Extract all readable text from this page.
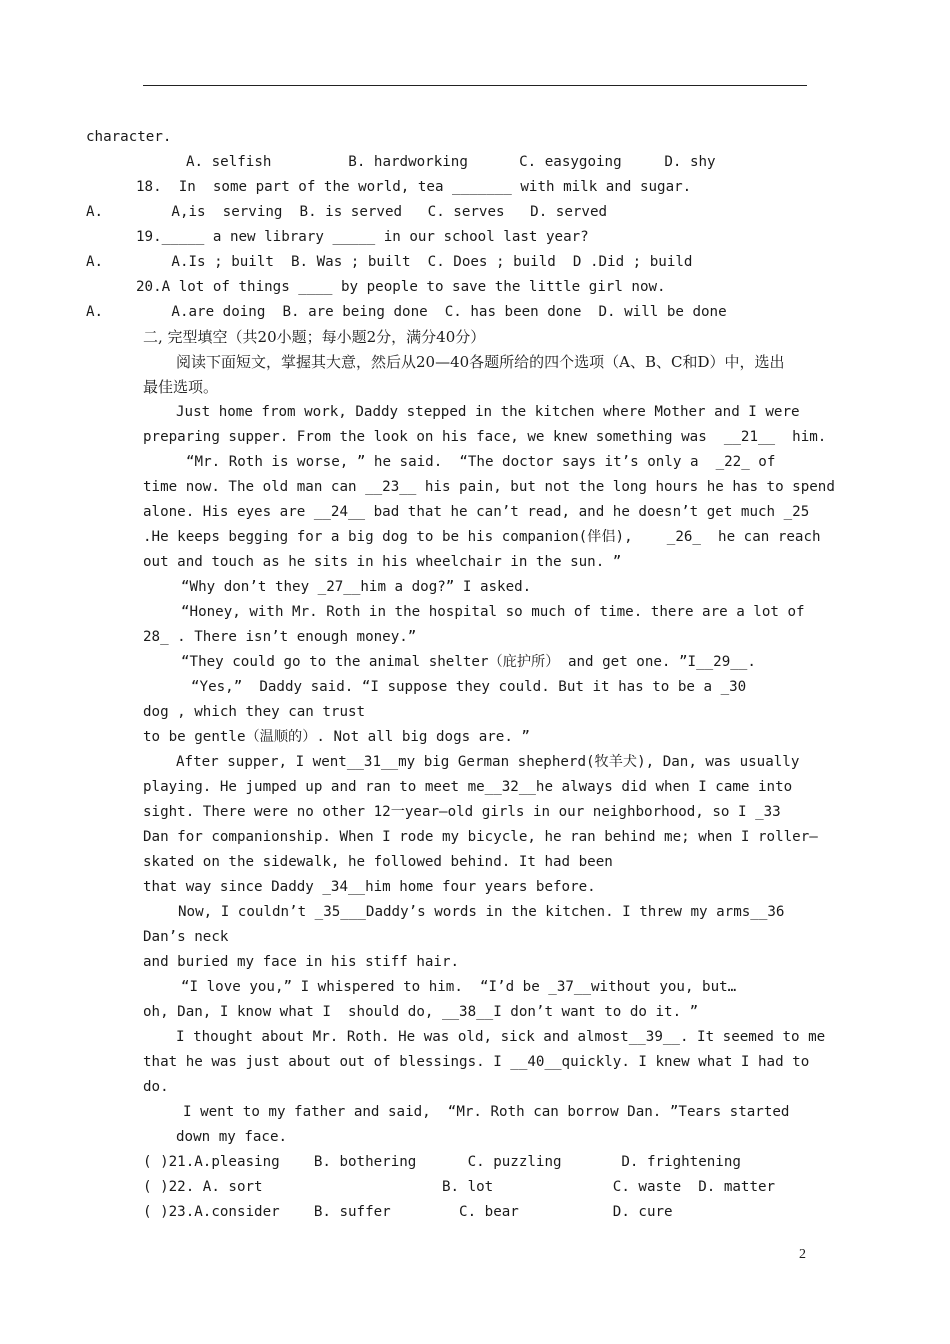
character.
A. selfish         B. hardworking      C. easygoing     D. shy
18.  In  some part of the world, tea _______ with milk and sugar.
A.        A,is  serving  B. is served   C. serves   D. served
19._____ a new library _____ in our school last year?
A.        A.Is ; built  B. Was ; built  C. Does ; build  D .Did ; build
20.A lot of things ____ by people to save the little girl now.
A.        A.are doing  B. are being done  C. has been done  D. will be done
二, 完型填空（共20小题；每小题2分，满分40分）
阅读下面短文，掌握其大意，然后从20—40各题所给的四个选项（A、B、C和D）中，选出
最佳选项。
Just home from work, Daddy stepped in the kitchen where Mother and I were
preparing supper. From the look on his face, we knew something was  __21__  him.
“Mr. Roth is worse, ” he said.  “The doctor says it’s only a  _22_ of
time now. The old man can __23__ his pain, but not the long hours he has to spend
alone. His eyes are __24__ bad that he can’t read, and he doesn’t get much _25
.He keeps begging for a big dog to be his companion(伴侣),    _26_  he can reach
out and touch as he sits in his wheelchair in the sun. ”
“Why don’t they _27__him a dog?” I asked.
“Honey, with Mr. Roth in the hospital so much of time. there are a lot of
28_ . There isn’t enough money.”
“They could go to the animal shelter（庇护所） and get one. ”I__29__.
“Yes,”  Daddy said. “I suppose they could. But it has to be a _30
dog , which they can trust
to be gentle（温顺的）. Not all big dogs are. ”
After supper, I went__31__my big German shepherd(牧羊犬), Dan, was usually
playing. He jumped up and ran to meet me__32__he always did when I came into
sight. There were no other 12一year—old girls in our neighborhood, so I _33
Dan for companionship. When I rode my bicycle, he ran behind me; when I roller—
skated on the sidewalk, he followed behind. It had been
that way since Daddy _34__him home four years before.
Now, I couldn’t _35___Daddy’s words in the kitchen. I threw my arms__36
Dan’s neck
and buried my face in his stiff hair.
“I love you,” I whispered to him.  “I’d be _37__without you, but…
oh, Dan, I know what I  should do, __38__I don’t want to do it. ”
I thought about Mr. Roth. He was old, sick and almost__39__. It seemed to me
that he was just about out of blessings. I __40__quickly. I knew what I had to
do.
I went to my father and said,  “Mr. Roth can borrow Dan. ”Tears started
down my face.
( )21.A.pleasing    B. bothering      C. puzzling       D. frightening
( )22. A. sort                     B. lot              C. waste  D. matter
( )23.A.consider    B. suffer        C. bear           D. cure
2
